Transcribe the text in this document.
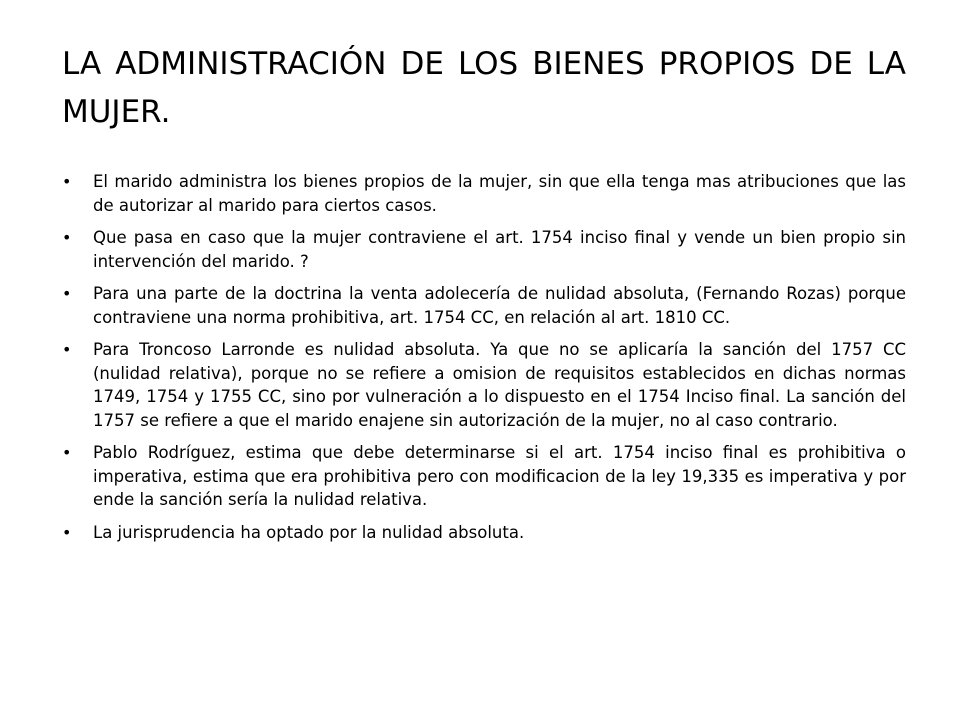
LA ADMINISTRACIÓN DE LOS BIENES PROPIOS DE LA MUJER.
• El marido administra los bienes propios de la mujer, sin que ella tenga mas atribuciones que las de autorizar al marido para ciertos casos.
• Que pasa en caso que la mujer contraviene el art. 1754 inciso final y vende un bien propio sin intervención del marido. ?
• Para una parte de la doctrina la venta adolecería de nulidad absoluta, (Fernando Rozas) porque contraviene una norma prohibitiva, art. 1754 CC, en relación al art. 1810 CC.
• Para Troncoso Larronde es nulidad absoluta. Ya que no se aplicaría la sanción del 1757 CC (nulidad relativa), porque no se refiere a omision de requisitos establecidos en dichas normas 1749, 1754 y 1755 CC, sino por vulneración a lo dispuesto en el 1754 Inciso final. La sanción del 1757 se refiere a que el marido enajene sin autorización de la mujer, no al caso contrario.
• Pablo Rodríguez, estima que debe determinarse si el art. 1754 inciso final es prohibitiva o imperativa, estima que era prohibitiva pero con modificacion de la ley 19,335 es imperativa y por ende la sanción sería la nulidad relativa.
• La jurisprudencia ha optado por la nulidad absoluta.
